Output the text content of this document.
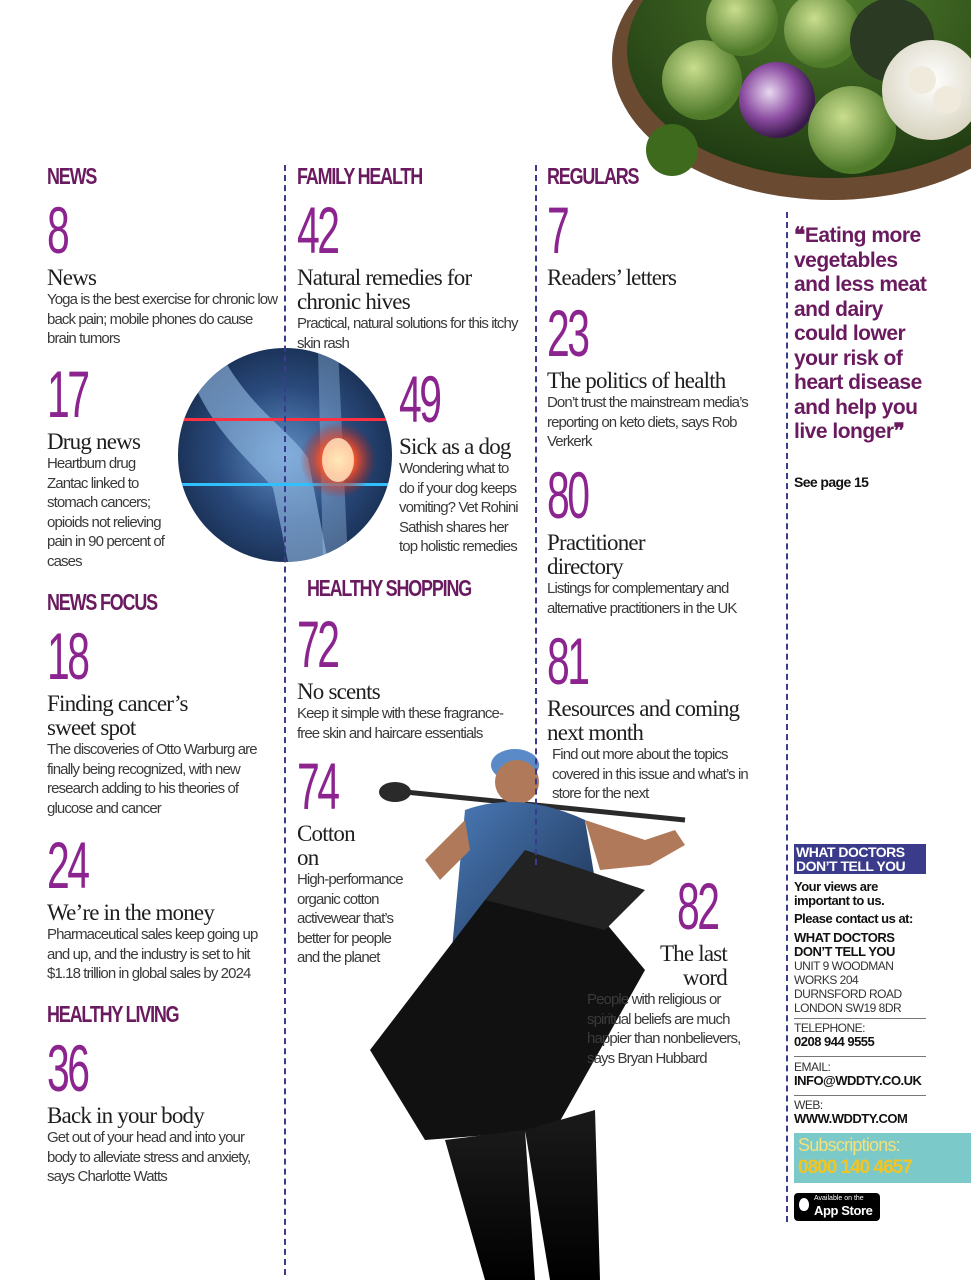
NEWS
8
News
Yoga is the best exercise for chronic low back pain; mobile phones do cause brain tumors
17
Drug news
Heartburn drug Zantac linked to stomach cancers; opioids not relieving pain in 90 percent of cases
NEWS FOCUS
18
Finding cancer’s sweet spot
The discoveries of Otto Warburg are finally being recognized, with new research adding to his theories of glucose and cancer
24
We’re in the money
Pharmaceutical sales keep going up and up, and the industry is set to hit $1.18 trillion in global sales by 2024
HEALTHY LIVING
36
Back in your body
Get out of your head and into your body to alleviate stress and anxiety, says Charlotte Watts
FAMILY HEALTH
42
Natural remedies for chronic hives
Practical, natural solutions for this itchy skin rash
49
Sick as a dog
Wondering what to do if your dog keeps vomiting? Vet Rohini Sathish shares her top holistic remedies
HEALTHY SHOPPING
72
No scents
Keep it simple with these fragrance-free skin and haircare essentials
74
Cotton on
High-performance organic cotton activewear that’s better for people and the planet
REGULARS
7
Readers’ letters
23
The politics of health
Don’t trust the mainstream media’s reporting on keto diets, says Rob Verkerk
80
Practitioner directory
Listings for complementary and alternative practitioners in the UK
81
Resources and coming next month
Find out more about the topics covered in this issue and what’s in store for the next
82
The last word
People with religious or spiritual beliefs are much happier than nonbelievers, says Bryan Hubbard
❝Eating more vegetables and less meat and dairy could lower your risk of heart disease and help you live longer❞
See page 15
WHAT DOCTORS DON’T TELL YOU
Your views are important to us.
Please contact us at:
WHAT DOCTORS DON’T TELL YOU
UNIT 9 WOODMAN WORKS 204 DURNSFORD ROAD LONDON SW19 8DR
TELEPHONE:
0208 944 9555
EMAIL:
INFO@WDDTY.CO.UK
WEB:
WWW.WDDTY.COM
Subscriptions:
0800 140 4657
Available on the
App Store
